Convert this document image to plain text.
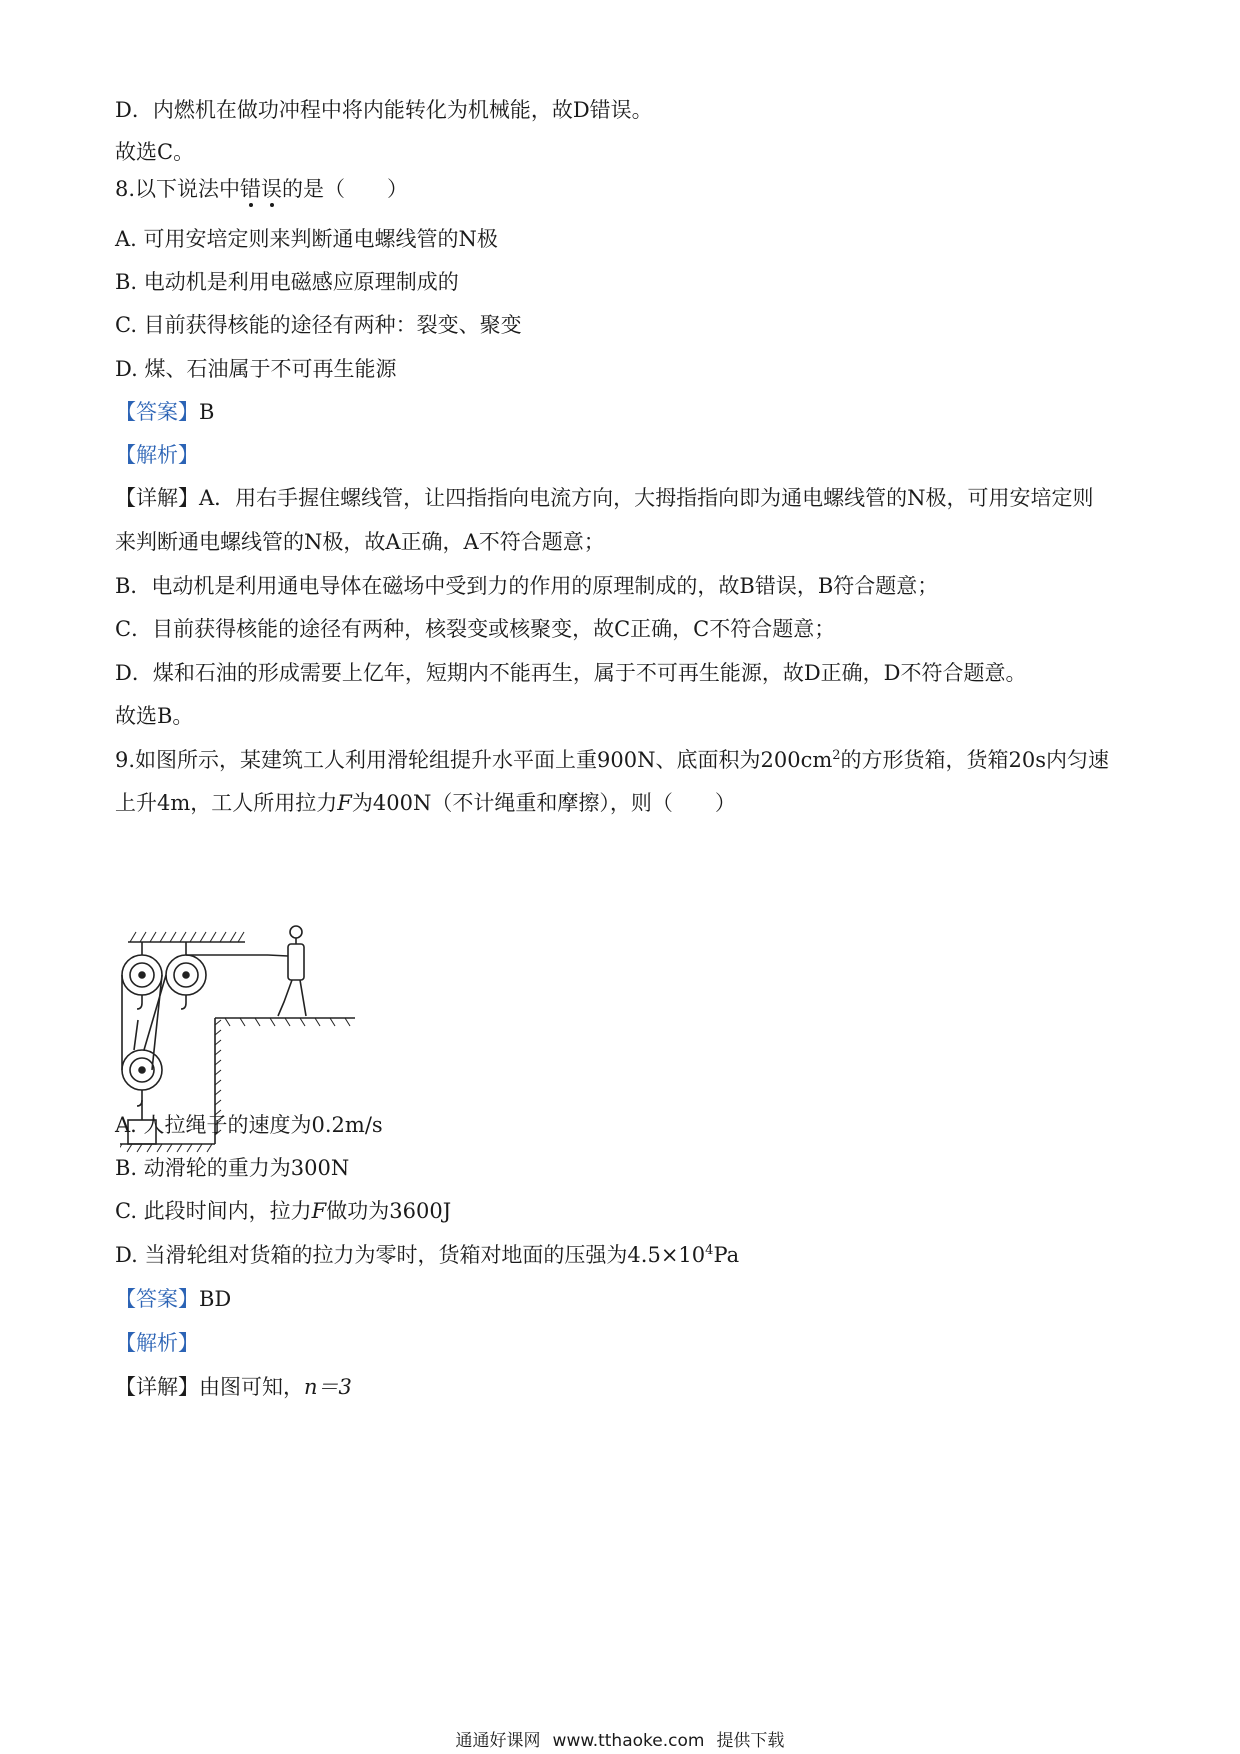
D．内燃机在做功冲程中将内能转化为机械能，故D错误。
故选C。
8.以下说法中错误的是（　　）
A. 可用安培定则来判断通电螺线管的N极
B. 电动机是利用电磁感应原理制成的
C. 目前获得核能的途径有两种：裂变、聚变
D. 煤、石油属于不可再生能源
【答案】B
【解析】
【详解】A．用右手握住螺线管，让四指指向电流方向，大拇指指向即为通电螺线管的N极，可用安培定则
来判断通电螺线管的N极，故A正确，A不符合题意；
B．电动机是利用通电导体在磁场中受到力的作用的原理制成的，故B错误，B符合题意；
C．目前获得核能的途径有两种，核裂变或核聚变，故C正确，C不符合题意；
D．煤和石油的形成需要上亿年，短期内不能再生，属于不可再生能源，故D正确，D不符合题意。
故选B。
9.如图所示，某建筑工人利用滑轮组提升水平面上重900N、底面积为$200cm^2$的方形货箱，货箱20s内匀速
上升4m，工人所用拉力F为400N（不计绳重和摩擦），则（　　）
A. 人拉绳子的速度为0.2m/s
B. 动滑轮的重力为300N
C. 此段时间内，拉力F做功为3600J
D. 当滑轮组对货箱的拉力为零时，货箱对地面的压强为$4.5\times 10^4Pa$
【答案】BD
【解析】
【详解】由图可知，n＝3
通通好课网 www.tthaoke.com 提供下载
